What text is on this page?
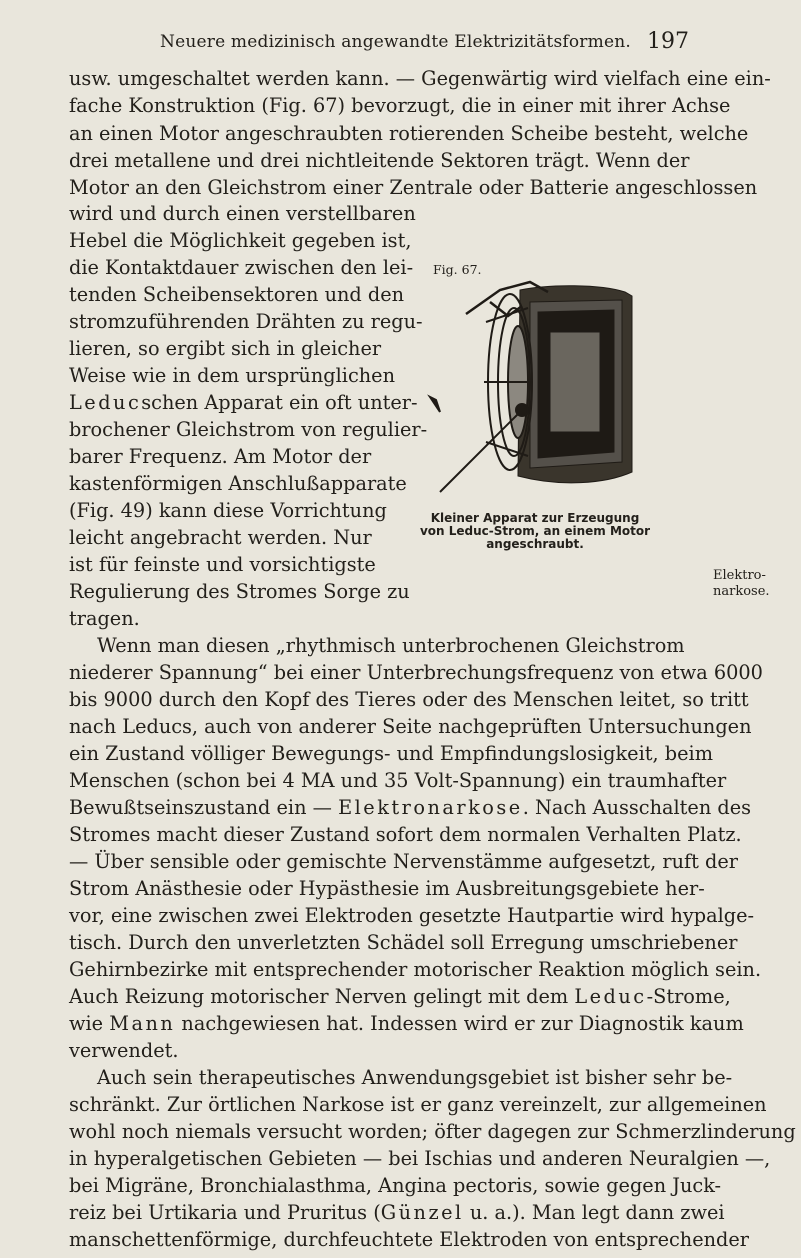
Neuere medizinisch angewandte Elektrizitätsformen. 197
Fig. 67.
Kleiner Apparat zur Erzeugung
von Leduc-Strom, an einem Motor
angeschraubt.
Elektro-
narkose.
usw. umgeschaltet werden kann. — Gegenwärtig wird vielfach eine ein-
fache Konstruktion (Fig. 67) bevorzugt, die in einer mit ihrer Achse
an einen Motor angeschraubten rotierenden Scheibe besteht, welche
drei metallene und drei nichtleitende Sektoren trägt. Wenn der
Motor an den Gleichstrom einer Zentrale oder Batterie angeschlossen
wird und durch einen verstellbaren
Hebel die Möglichkeit gegeben ist,
die Kontaktdauer zwischen den lei-
tenden Scheibensektoren und den
stromzuführenden Drähten zu regu-
lieren, so ergibt sich in gleicher
Weise wie in dem ursprünglichen
Leducschen Apparat ein oft unter-
brochener Gleichstrom von regulier-
barer Frequenz. Am Motor der
kastenförmigen Anschlußapparate
(Fig. 49) kann diese Vorrichtung
leicht angebracht werden. Nur
ist für feinste und vorsichtigste
Regulierung des Stromes Sorge zu
tragen.
Wenn man diesen „rhythmisch unterbrochenen Gleichstrom
niederer Spannung“ bei einer Unterbrechungsfrequenz von etwa 6000
bis 9000 durch den Kopf des Tieres oder des Menschen leitet, so tritt
nach Leducs, auch von anderer Seite nachgeprüften Untersuchungen
ein Zustand völliger Bewegungs- und Empfindungslosigkeit, beim
Menschen (schon bei 4 MA und 35 Volt-Spannung) ein traumhafter
Bewußtseinszustand ein — Elektronarkose. Nach Ausschalten des
Stromes macht dieser Zustand sofort dem normalen Verhalten Platz.
— Über sensible oder gemischte Nervenstämme aufgesetzt, ruft der
Strom Anästhesie oder Hypästhesie im Ausbreitungsgebiete her-
vor, eine zwischen zwei Elektroden gesetzte Hautpartie wird hypalge-
tisch. Durch den unverletzten Schädel soll Erregung umschriebener
Gehirnbezirke mit entsprechender motorischer Reaktion möglich sein.
Auch Reizung motorischer Nerven gelingt mit dem Leduc-Strome,
wie Mann nachgewiesen hat. Indessen wird er zur Diagnostik kaum
verwendet.
Auch sein therapeutisches Anwendungsgebiet ist bisher sehr be-
schränkt. Zur örtlichen Narkose ist er ganz vereinzelt, zur allgemeinen
wohl noch niemals versucht worden; öfter dagegen zur Schmerzlinderung
in hyperalgetischen Gebieten — bei Ischias und anderen Neuralgien —,
bei Migräne, Bronchialasthma, Angina pectoris, sowie gegen Juck-
reiz bei Urtikaria und Pruritus (Günzel u. a.). Man legt dann zwei
manschettenförmige, durchfeuchtete Elektroden von entsprechender
